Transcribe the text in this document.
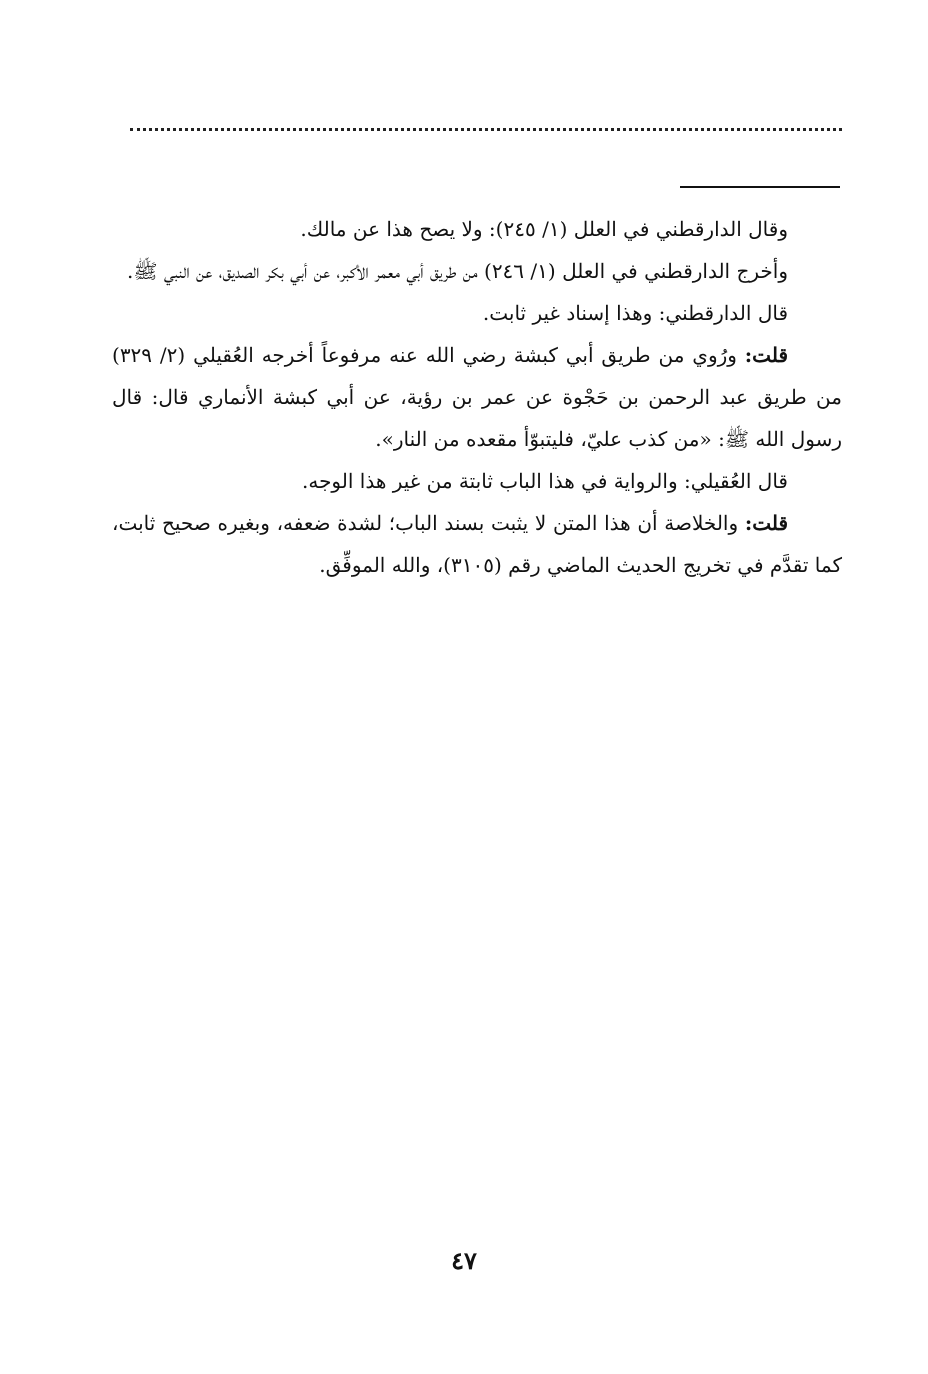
وقال الدارقطني في العلل (١/ ٢٤٥): ولا يصح هذا عن مالك.

وأخرج الدارقطني في العلل (١/ ٢٤٦) من طريق أبي معمر الأكبر، عن أبي بكر الصديق، عن النبي ﷺ.

قال الدارقطني: وهذا إسناد غير ثابت.

قلت: ورُوي من طريق أبي كبشة رضي الله عنه مرفوعاً أخرجه العُقيلي (٢/ ٣٢٩) من طريق عبد الرحمن بن حَجْوة عن عمر بن رؤية، عن أبي كبشة الأنماري قال: قال رسول الله ﷺ: «من كذب عليّ، فليتبوّأ مقعده من النار».

قال العُقيلي: والرواية في هذا الباب ثابتة من غير هذا الوجه.

قلت: والخلاصة أن هذا المتن لا يثبت بسند الباب؛ لشدة ضعفه، وبغيره صحيح ثابت، كما تقدَّم في تخريج الحديث الماضي رقم (٣١٠٥)، والله الموفِّق.

٤٧
